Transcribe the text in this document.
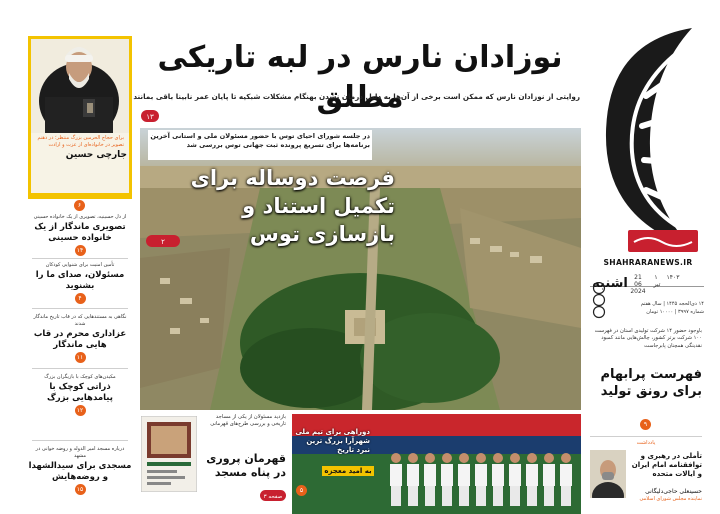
برای حجاج الحرمین بزرگ منتظر؛ در ذهنم تصویر در خانواده‌ای از عزت و ارادت
جارچی حسین
۶
از دل حسینیه، تصویری از یک خانواده حسینی
تصویری ماندگار از یک خانواده حسینی
۱۴
تأمین امنیت برای شنوایی کودکان
مسئولان، صدای ما را بشنوید
۴
نگاهی به مستندهایی که در قاب تاریخ ماندگار شدند
عزاداری محرم در قاب هایی ماندگار
۱۱
مکیدن‌های کوچک با بازیگران بزرگ
ذراتی کوچک با پیامدهایی بزرگ
۱۲
درباره مسجد امیر الدوله و روضه خوانی در مشهد
مسجدی برای سیدالشهدا و روضه‌هایش
۱۵
نوزادان نارس در لبه تاریکی مطلق
روایتی از نوزادان نارس که ممکن است برخی از آن‌ها به دلیل درمان نشدن بهنگام مشکلات شبکیه تا پایان عمر نابینا باقی بمانند
۱۳
SHAHRARANEWS.IR
اشنبه	21
06
2024
۱
تیر
۱۴۰۳
۱۴ ذی‌الحجه ۱۴۴۵ | سال هفتم
شماره ۳۹۹۷ | ۱۰۰۰۰ تومان
در جلسه شورای احیای توس با حضور مسئولان ملی و استانی آخرین برنامه‌ها برای تسریع پرونده ثبت جهانی توس بررسی شد
فرصت دوساله برای تکمیل استناد و بازسازی توس
۲
باوجود حضور ۱۴ شرکت تولیدی استان در فهرست ۱۰۰ شرکت برتر کشور، چالش‌هایی مانند کمبود نقدینگی همچنان پابرجاست
فهرست پرابهام برای رونق تولید
۹
یادداشت
تأملی در رهبری و توافقنامه امام ایران و ایالات متحده
حسینعلی حاجی‌دلیگانی
نماینده مجلس شورای اسلامی
بازدید مسئولان از یکی از مساجد تاریخی و بررسی طرح‌های قهرمانی
قهرمان پروری در پناه مسجد
صفحه ۳
دوراهی برای تیم ملی شهرآرا بزرگ ترین نبرد تاریخ
به امید معجزه
۵
